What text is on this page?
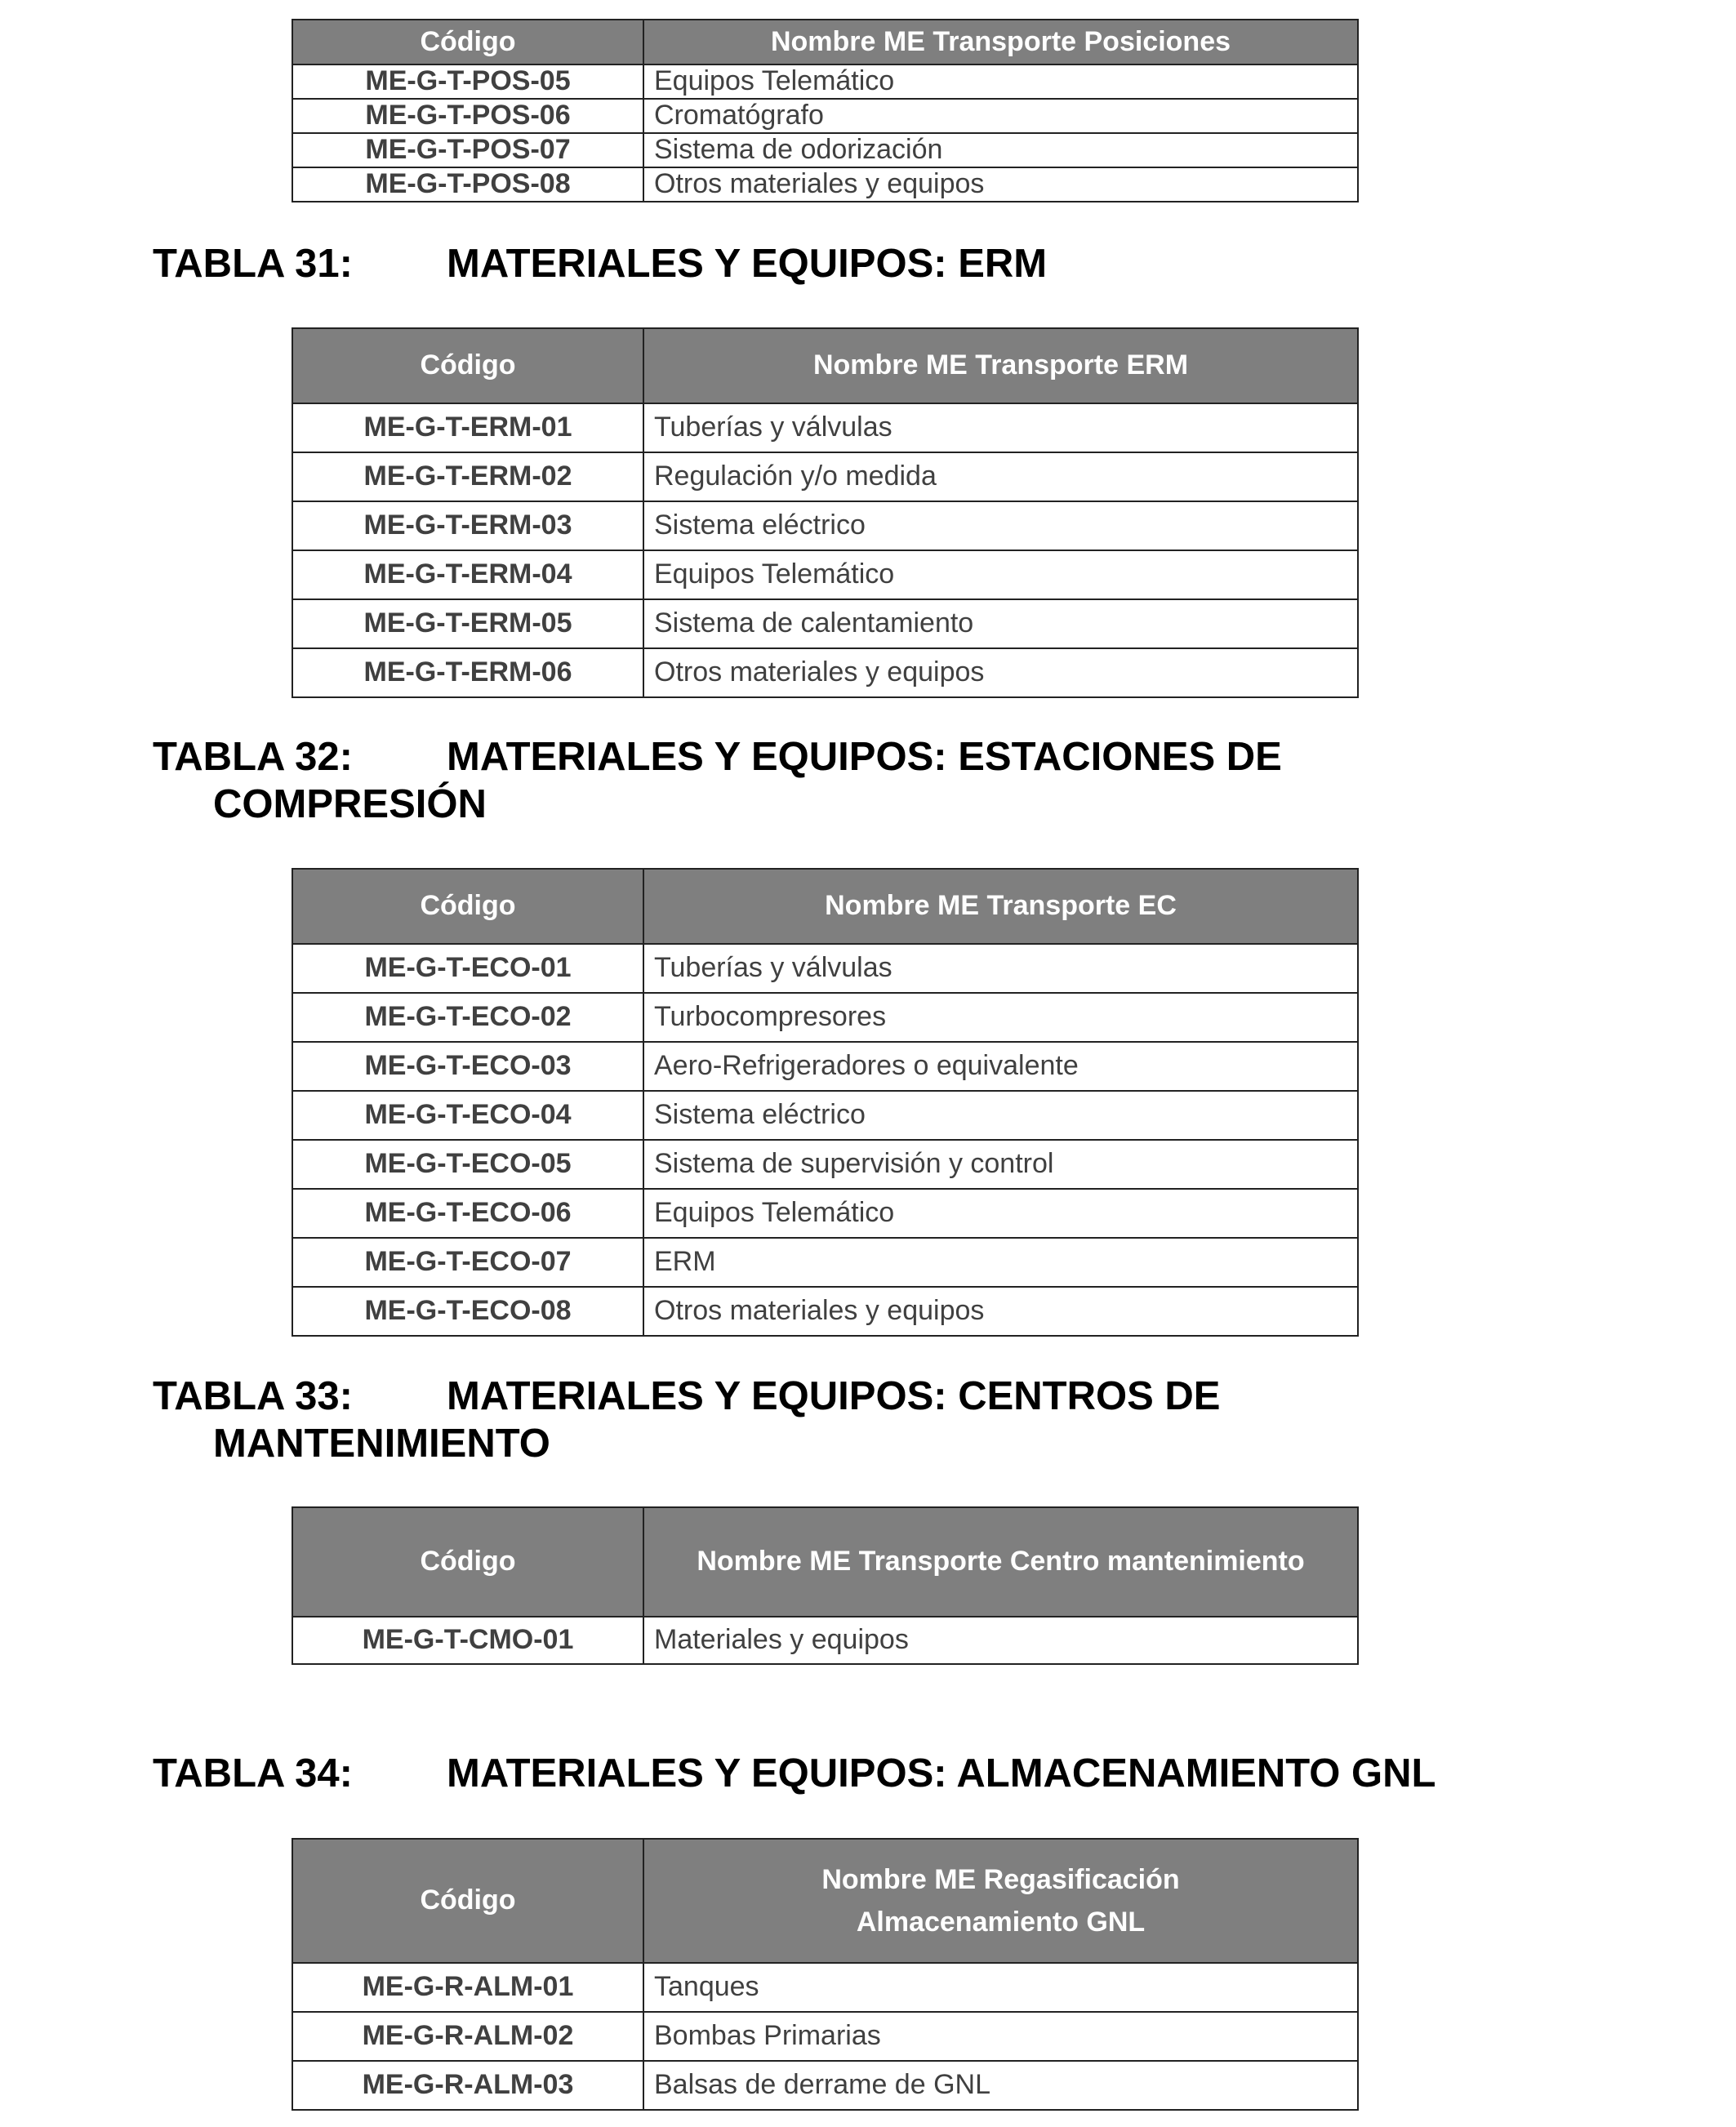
Código	Nombre ME Transporte Posiciones
ME-G-T-POS-05	Equipos Telemático
ME-G-T-POS-06	Cromatógrafo
ME-G-T-POS-07	Sistema de odorización
ME-G-T-POS-08	Otros materiales y equipos
TABLA 31: MATERIALES Y EQUIPOS: ERM
Código	Nombre ME Transporte ERM
ME-G-T-ERM-01	Tuberías y válvulas
ME-G-T-ERM-02	Regulación y/o medida
ME-G-T-ERM-03	Sistema eléctrico
ME-G-T-ERM-04	Equipos Telemático
ME-G-T-ERM-05	Sistema de calentamiento
ME-G-T-ERM-06	Otros materiales y equipos
TABLA 32: MATERIALES Y EQUIPOS: ESTACIONES DE
COMPRESIÓN
Código	Nombre ME Transporte EC
ME-G-T-ECO-01	Tuberías y válvulas
ME-G-T-ECO-02	Turbocompresores
ME-G-T-ECO-03	Aero-Refrigeradores o equivalente
ME-G-T-ECO-04	Sistema eléctrico
ME-G-T-ECO-05	Sistema de supervisión y control
ME-G-T-ECO-06	Equipos Telemático
ME-G-T-ECO-07	ERM
ME-G-T-ECO-08	Otros materiales y equipos
TABLA 33: MATERIALES Y EQUIPOS: CENTROS DE
MANTENIMIENTO
Código	Nombre ME Transporte Centro mantenimiento
ME-G-T-CMO-01	Materiales y equipos
TABLA 34: MATERIALES Y EQUIPOS: ALMACENAMIENTO GNL
Código	Nombre ME Regasificación
Almacenamiento GNL

ME-G-R-ALM-01	Tanques
ME-G-R-ALM-02	Bombas Primarias
ME-G-R-ALM-03	Balsas de derrame de GNL
